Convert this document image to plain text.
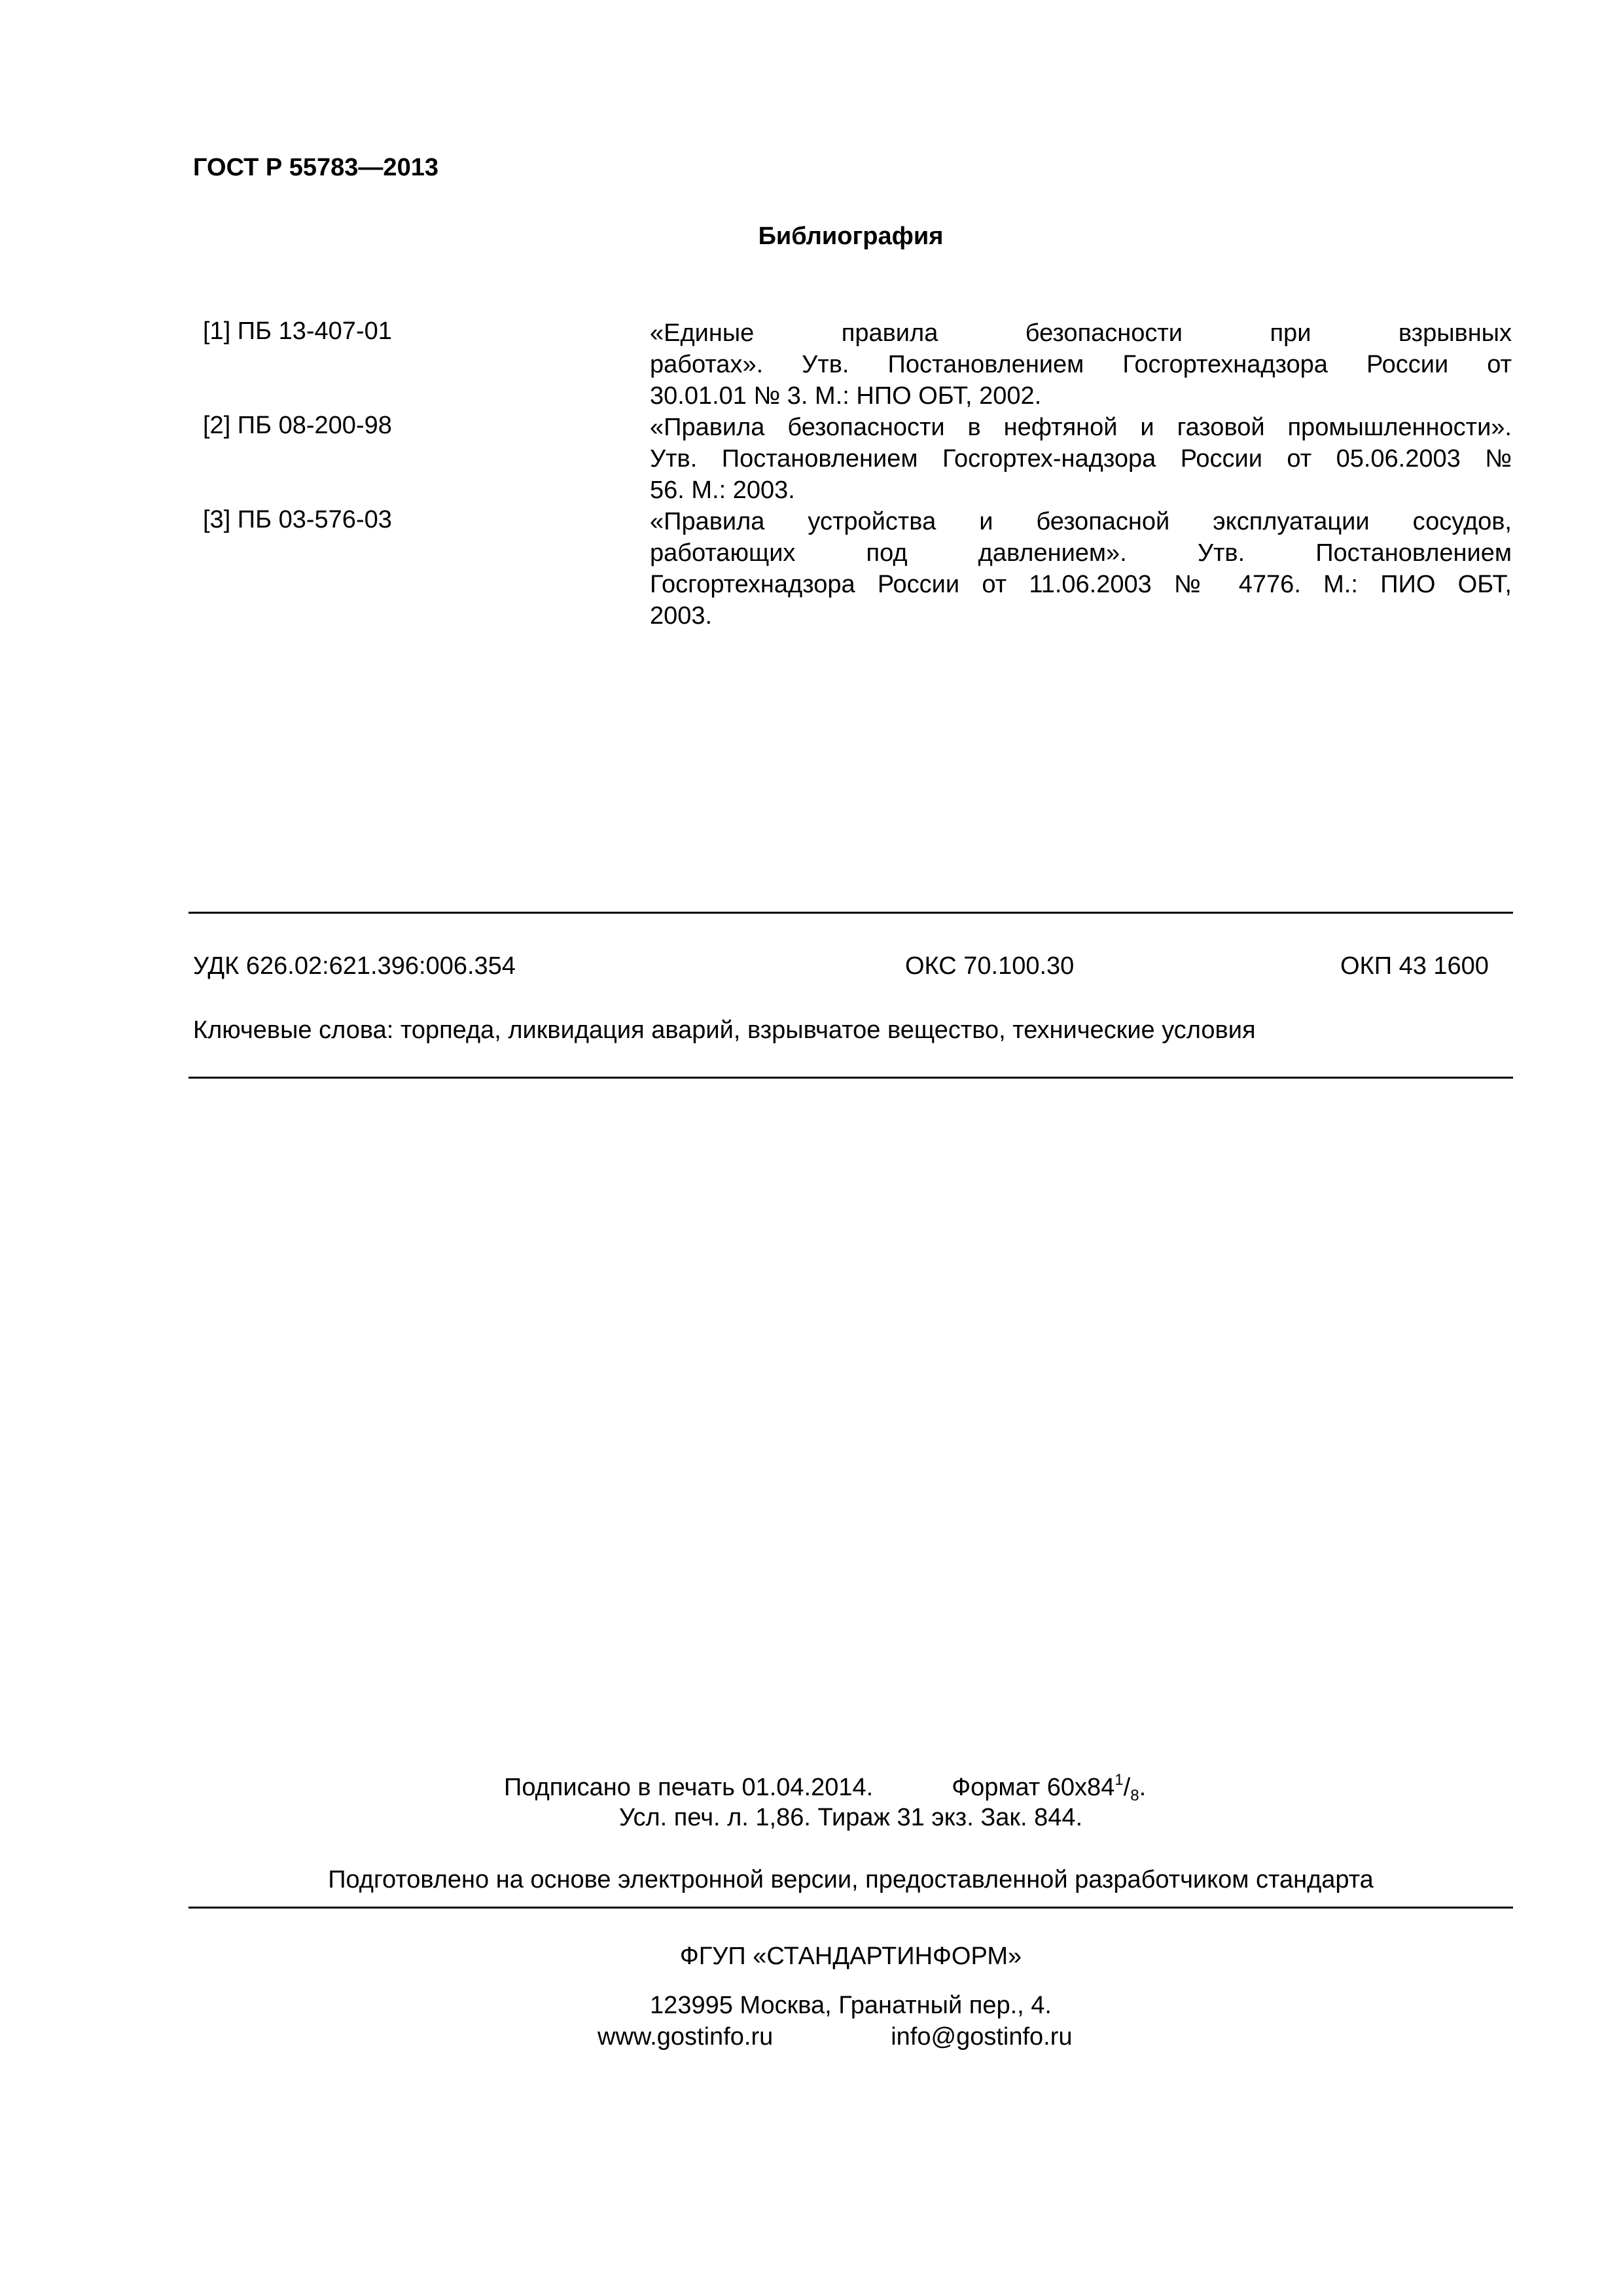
ГОСТ Р 55783—2013
Библиография
[1] ПБ 13-407-01	«Единые правила безопасности при взрывных
работах». Утв. Постановлением Госгортехнадзора России от
30.01.01 № 3. М.: НПО ОБТ, 2002.
[2] ПБ 08-200-98	«Правила безопасности в нефтяной и газовой промышленности».
Утв. Постановлением Госгортех-надзора России от 05.06.2003 №
56. М.: 2003.
[3] ПБ 03-576-03	«Правила устройства и безопасной эксплуатации сосудов,
работающих под давлением». Утв. Постановлением
Госгортехнадзора России от 11.06.2003 № 4776. М.: ПИО ОБТ,
2003.
УДК 626.02:621.396:006.354	ОКС 70.100.30	ОКП 43 1600
Ключевые слова: торпеда, ликвидация аварий, взрывчатое вещество, технические условия
Подписано в печать 01.04.2014.	Формат $60x84^1/_8$.
Усл. печ. л. 1,86. Тираж 31 экз. Зак. 844.
Подготовлено на основе электронной версии, предоставленной разработчиком стандарта
ФГУП «СТАНДАРТИНФОРМ»
123995 Москва, Гранатный пер., 4.
www.gostinfo.ru	info@gostinfo.ru
